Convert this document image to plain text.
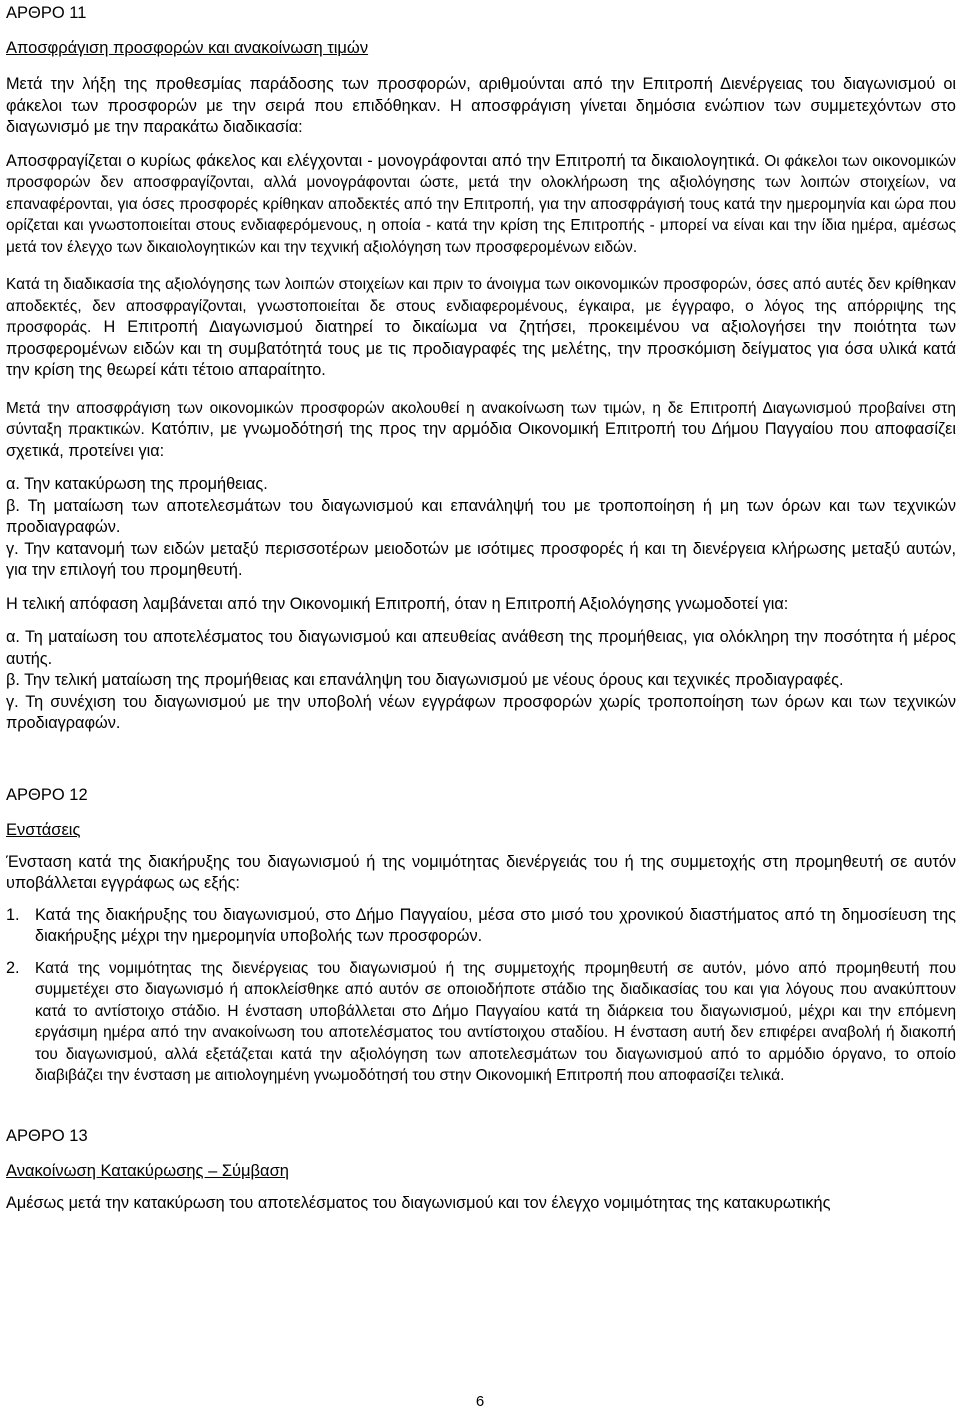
ΑΡΘΡΟ 11
Αποσφράγιση προσφορών και ανακοίνωση τιμών

Μετά την λήξη της προθεσμίας παράδοσης των προσφορών, αριθμούνται από την Επιτροπή Διενέργειας του διαγωνισμού οι φάκελοι των προσφορών με την σειρά που επιδόθηκαν. Η αποσφράγιση γίνεται δημόσια ενώπιον των συμμετεχόντων στο διαγωνισμό με την παρακάτω διαδικασία:

Αποσφραγίζεται ο κυρίως φάκελος και ελέγχονται - μονογράφονται από την Επιτροπή τα δικαιολογητικά. Οι φάκελοι των οικονομικών προσφορών δεν αποσφραγίζονται, αλλά μονογράφονται ώστε, μετά την ολοκλήρωση της αξιολόγησης των λοιπών στοιχείων, να επαναφέρονται, για όσες προσφορές κρίθηκαν αποδεκτές από την Επιτροπή, για την αποσφράγισή τους κατά την ημερομηνία και ώρα που ορίζεται και γνωστοποιείται στους ενδιαφερόμενους, η οποία - κατά την κρίση της Επιτροπής - μπορεί να είναι και την ίδια ημέρα, αμέσως μετά τον έλεγχο των δικαιολογητικών και την τεχνική αξιολόγηση των προσφερομένων ειδών.

Κατά τη διαδικασία της αξιολόγησης των λοιπών στοιχείων και πριν το άνοιγμα των οικονομικών προσφορών, όσες από αυτές δεν κρίθηκαν αποδεκτές, δεν αποσφραγίζονται, γνωστοποιείται δε στους ενδιαφερομένους, έγκαιρα, με έγγραφο, ο λόγος της απόρριψης της προσφοράς. Η Επιτροπή Διαγωνισμού διατηρεί το δικαίωμα να ζητήσει, προκειμένου να αξιολογήσει την ποιότητα των προσφερομένων ειδών και τη συμβατότητά τους με τις προδιαγραφές της μελέτης, την προσκόμιση δείγματος για όσα υλικά κατά την κρίση της θεωρεί κάτι τέτοιο απαραίτητο.

Μετά την αποσφράγιση των οικονομικών προσφορών ακολουθεί η ανακοίνωση των τιμών, η δε Επιτροπή Διαγωνισμού προβαίνει στη σύνταξη πρακτικών. Κατόπιν, με γνωμοδότησή της προς την αρμόδια Οικονομική Επιτροπή του Δήμου Παγγαίου που αποφασίζει σχετικά, προτείνει για:

α. Την κατακύρωση της προμήθειας.

β. Τη ματαίωση των αποτελεσμάτων του διαγωνισμού και επανάληψή του με τροποποίηση ή μη των όρων και των τεχνικών προδιαγραφών.

γ. Την κατανομή των ειδών μεταξύ περισσοτέρων μειοδοτών με ισότιμες προσφορές ή και τη διενέργεια κλήρωσης μεταξύ αυτών, για την επιλογή του προμηθευτή.

Η τελική απόφαση λαμβάνεται από την Οικονομική Επιτροπή, όταν η Επιτροπή Αξιολόγησης γνωμοδοτεί για:

α. Τη ματαίωση του αποτελέσματος του διαγωνισμού και απευθείας ανάθεση της προμήθειας, για ολόκληρη την ποσότητα ή μέρος αυτής.

β. Την τελική ματαίωση της προμήθειας και επανάληψη του διαγωνισμού με νέους όρους και τεχνικές προδιαγραφές.

γ. Τη συνέχιση του διαγωνισμού με την υποβολή νέων εγγράφων προσφορών χωρίς τροποποίηση των όρων και των τεχνικών προδιαγραφών.

ΑΡΘΡΟ 12
Ενστάσεις

Ένσταση κατά της διακήρυξης του διαγωνισμού ή της νομιμότητας διενέργειάς του ή της συμμετοχής στη προμηθευτή σε αυτόν υποβάλλεται εγγράφως ως εξής:

1. Κατά της διακήρυξης του διαγωνισμού, στο Δήμο Παγγαίου, μέσα στο μισό του χρονικού διαστήματος από τη δημοσίευση της διακήρυξης μέχρι την ημερομηνία υποβολής των προσφορών.
2.	Κατά της νομιμότητας της διενέργειας του διαγωνισμού ή της συμμετοχής προμηθευτή σε αυτόν, μόνο από προμηθευτή που συμμετέχει στο διαγωνισμό ή αποκλείσθηκε από αυτόν σε οποιοδήποτε στάδιο της διαδικασίας του και για λόγους που ανακύπτουν κατά το αντίστοιχο στάδιο. Η ένσταση υποβάλλεται στο Δήμο Παγγαίου κατά τη διάρκεια του διαγωνισμού, μέχρι και την επόμενη εργάσιμη ημέρα από την ανακοίνωση του αποτελέσματος του αντίστοιχου σταδίου. Η ένσταση αυτή δεν επιφέρει αναβολή ή διακοπή του διαγωνισμού, αλλά εξετάζεται κατά την αξιολόγηση των αποτελεσμάτων του διαγωνισμού από το αρμόδιο όργανο, το οποίο διαβιβάζει την ένσταση με αιτιολογημένη γνωμοδότησή του στην Οικονομική Επιτροπή που αποφασίζει τελικά.
ΑΡΘΡΟ 13
Ανακοίνωση Κατακύρωσης – Σύμβαση

Αμέσως μετά την κατακύρωση του αποτελέσματος του διαγωνισμού και τον έλεγχο νομιμότητας της κατακυρωτικής

6
